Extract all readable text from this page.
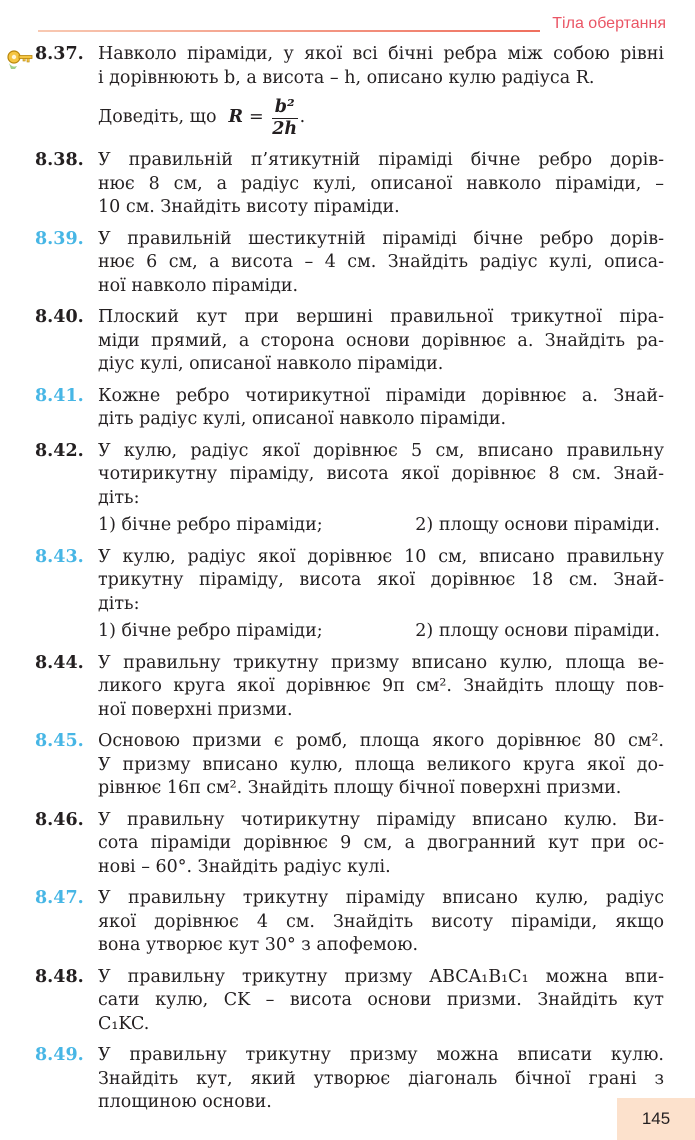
Тіла обертання
8.37. Навколо піраміди, у якої всі бічні ребра між собою рівні
і дорівнюють b, а висота – h, описано кулю радіуса R.
Доведіть, що $R = \frac{\text{b²}}{2h}$ .
8.38. У правильній п’ятикутній піраміді бічне ребро дорів-
нює 8 см, а радіус кулі, описаної навколо піраміди, –
10 см. Знайдіть висоту піраміди.
8.39. У правильній шестикутній піраміді бічне ребро дорів-
нює 6 см, а висота – 4 см. Знайдіть радіус кулі, описа-
ної навколо піраміди.
8.40. Плоский кут при вершині правильної трикутної піра-
міди прямий, а сторона основи дорівнює a. Знайдіть ра-
діус кулі, описаної навколо піраміди.
8.41. Кожне ребро чотирикутної піраміди дорівнює a. Знай-
діть радіус кулі, описаної навколо піраміди.
8.42. У кулю, радіус якої дорівнює 5 см, вписано правильну
чотирикутну піраміду, висота якої дорівнює 8 см. Знай-
діть:
1) бічне ребро піраміди;	2) площу основи піраміди.
8.43. У кулю, радіус якої дорівнює 10 см, вписано правильну
трикутну піраміду, висота якої дорівнює 18 см. Знай-
діть:
1) бічне ребро піраміди;	2) площу основи піраміди.
8.44. У правильну трикутну призму вписано кулю, площа ве-
ликого круга якої дорівнює 9π см². Знайдіть площу пов-
ної поверхні призми.
8.45. Основою призми є ромб, площа якого дорівнює 80 см².
У призму вписано кулю, площа великого круга якої до-
рівнює 16π см². Знайдіть площу бічної поверхні призми.
8.46. У правильну чотирикутну піраміду вписано кулю. Ви-
сота піраміди дорівнює 9 см, а двогранний кут при ос-
нові – 60°. Знайдіть радіус кулі.
8.47. У правильну трикутну піраміду вписано кулю, радіус
якої дорівнює 4 см. Знайдіть висоту піраміди, якщо
вона утворює кут 30° з апофемою.
8.48. У правильну трикутну призму ABCA₁B₁C₁ можна впи-
сати кулю, CK – висота основи призми. Знайдіть кут
C₁KC.
8.49. У правильну трикутну призму можна вписати кулю.
Знайдіть кут, який утворює діагональ бічної грані з
площиною основи.
145
